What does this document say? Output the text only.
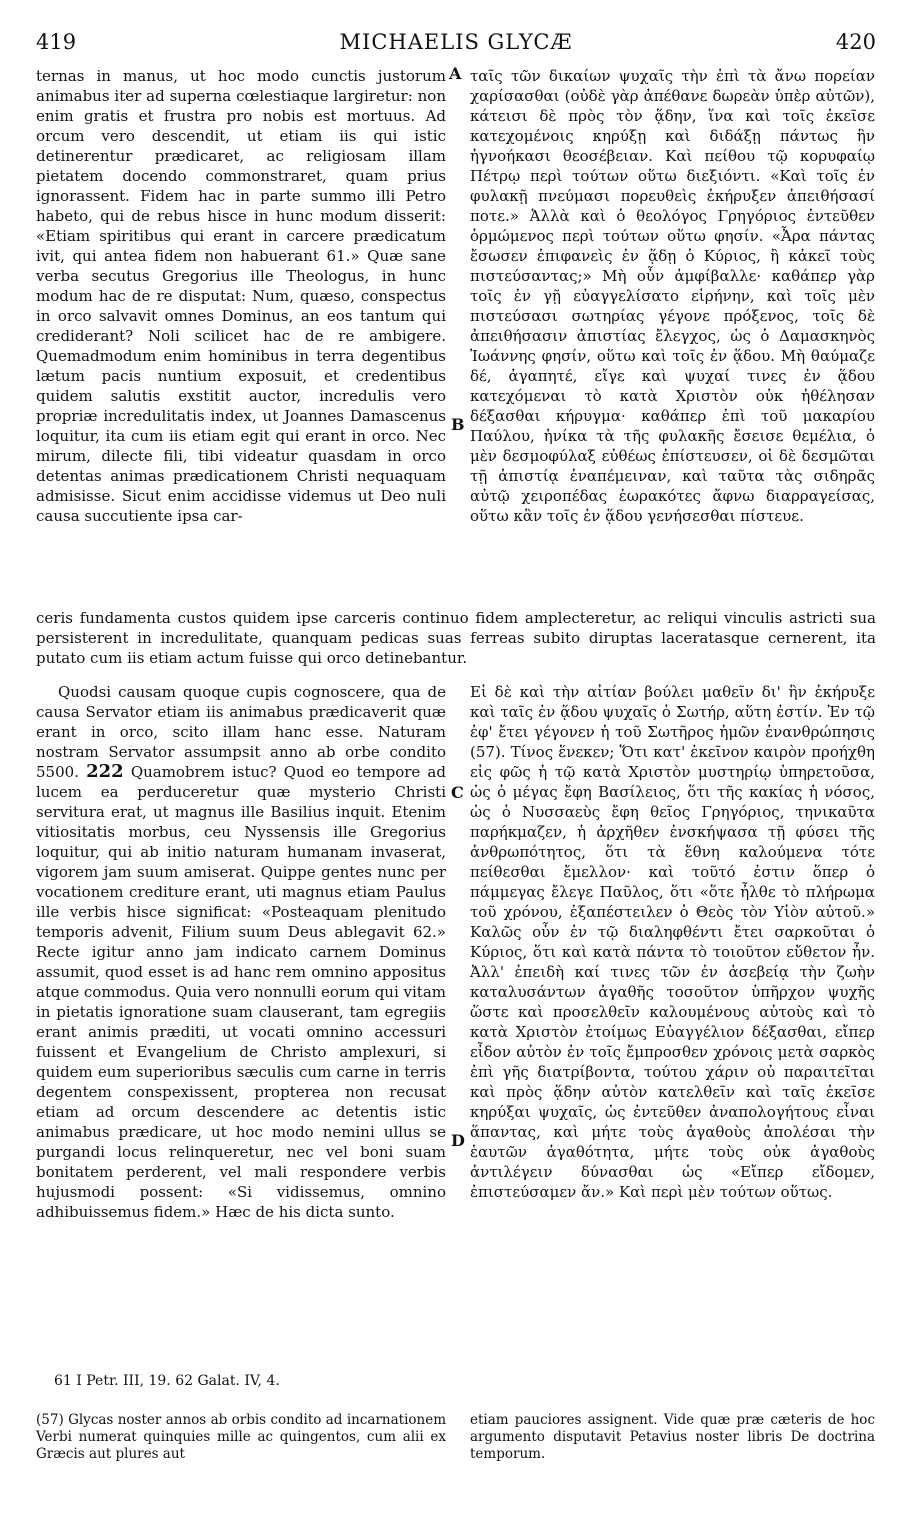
419	MICHAELIS GLYCÆ	420
A
B
C
D

ternas in manus, ut hoc modo cunctis justorum animabus iter ad superna cœlestiaque largiretur: non enim gratis et frustra pro nobis est mortuus. Ad orcum vero descendit, ut etiam iis qui istic detinerentur prædicaret, ac religiosam illam pietatem docendo commonstraret, quam prius ignorassent. Fidem hac in parte summo illi Petro habeto, qui de rebus hisce in hunc modum disserit: «Etiam spiritibus qui erant in carcere prædicatum ivit, qui antea fidem non habuerant 61.» Quæ sane verba secutus Gregorius ille Theologus, in hunc modum hac de re disputat: Num, quæso, conspectus in orco salvavit omnes Dominus, an eos tantum qui crediderant? Noli scilicet hac de re ambigere. Quemadmodum enim hominibus in terra degentibus lætum pacis nuntium exposuit, et credentibus quidem salutis exstitit auctor, incredulis vero propriæ incredulitatis index, ut Joannes Damascenus loquitur, ita cum iis etiam egit qui erant in orco. Nec mirum, dilecte fili, tibi videatur quasdam in orco detentas animas prædicationem Christi nequaquam admisisse. Sicut enim accidisse videmus ut Deo nuli causa succutiente ipsa car-

ταῖς τῶν δικαίων ψυχαῖς τὴν ἐπὶ τὰ ἄνω πορείαν χαρίσασθαι (οὐδὲ γὰρ ἀπέθανε δωρεὰν ὑπὲρ αὐτῶν), κάτεισι δὲ πρὸς τὸν ᾅδην, ἵνα καὶ τοῖς ἐκεῖσε κατεχομένοις κηρύξῃ καὶ διδάξῃ πάντως ἣν ἠγνοήκασι θεοσέβειαν. Καὶ πείθου τῷ κορυφαίῳ Πέτρῳ περὶ τούτων οὕτω διεξιόντι. «Καὶ τοῖς ἐν φυλακῇ πνεύμασι πορευθεὶς ἐκήρυξεν ἀπειθήσασί ποτε.» Ἀλλὰ καὶ ὁ θεολόγος Γρηγόριος ἐντεῦθεν ὁρμώμενος περὶ τούτων οὕτω φησίν. «Ἆρα πάντας ἔσωσεν ἐπιφανεὶς ἐν ᾅδῃ ὁ Κύριος, ἢ κἀκεῖ τοὺς πιστεύσαντας;» Μὴ οὖν ἀμφίβαλλε· καθάπερ γὰρ τοῖς ἐν γῇ εὐαγγελίσατο εἰρήνην, καὶ τοῖς μὲν πιστεύσασι σωτηρίας γέγονε πρόξενος, τοῖς δὲ ἀπειθήσασιν ἀπιστίας ἔλεγχος, ὡς ὁ Δαμασκηνὸς Ἰωάννης φησίν, οὕτω καὶ τοῖς ἐν ᾅδου. Μὴ θαύμαζε δέ, ἀγαπητέ, εἴγε καὶ ψυχαί τινες ἐν ᾅδου κατεχόμεναι τὸ κατὰ Χριστὸν οὐκ ἠθέλησαν δέξασθαι κήρυγμα· καθάπερ ἐπὶ τοῦ μακαρίου Παύλου, ἡνίκα τὰ τῆς φυλακῆς ἔσεισε θεμέλια, ὁ μὲν δεσμοφύλαξ εὐθέως ἐπίστευσεν, οἱ δὲ δεσμῶται τῇ ἀπιστίᾳ ἐναπέμειναν, καὶ ταῦτα τὰς σιδηρᾶς αὐτῷ χειροπέδας ἑωρακότες ἄφνω διαρραγείσας, οὕτω κἂν τοῖς ἐν ᾅδου γενήσεσθαι πίστευε.

ceris fundamenta custos quidem ipse carceris continuo fidem amplecteretur, ac reliqui vinculis astricti sua persisterent in incredulitate, quanquam pedicas suas ferreas subito diruptas laceratasque cernerent, ita putato cum iis etiam actum fuisse qui orco detinebantur.

Quodsi causam quoque cupis cognoscere, qua de causa Servator etiam iis animabus prædicaverit quæ erant in orco, scito illam hanc esse. Naturam nostram Servator assumpsit anno ab orbe condito 5500. 222 Quamobrem istuc? Quod eo tempore ad lucem ea perduceretur quæ mysterio Christi servitura erat, ut magnus ille Basilius inquit. Etenim vitiositatis morbus, ceu Nyssensis ille Gregorius loquitur, qui ab initio naturam humanam invaserat, vigorem jam suum amiserat. Quippe gentes nunc per vocationem crediture erant, uti magnus etiam Paulus ille verbis hisce significat: «Posteaquam plenitudo temporis advenit, Filium suum Deus ablegavit 62.» Recte igitur anno jam indicato carnem Dominus assumit, quod esset is ad hanc rem omnino appositus atque commodus. Quia vero nonnulli eorum qui vitam in pietatis ignoratione suam clauserant, tam egregiis erant animis præditi, ut vocati omnino accessuri fuissent et Evangelium de Christo amplexuri, si quidem eum superioribus sæculis cum carne in terris degentem conspexissent, propterea non recusat etiam ad orcum descendere ac detentis istic animabus prædicare, ut hoc modo nemini ullus se purgandi locus relinqueretur, nec vel boni suam bonitatem perderent, vel mali respondere verbis hujusmodi possent: «Si vidissemus, omnino adhibuissemus fidem.» Hæc de his dicta sunto.

Εἰ δὲ καὶ τὴν αἰτίαν βούλει μαθεῖν δι' ἣν ἐκήρυξε καὶ ταῖς ἐν ᾅδου ψυχαῖς ὁ Σωτήρ, αὕτη ἐστίν. Ἐν τῷ ἐφ' ἔτει γέγονεν ἡ τοῦ Σωτῆρος ἡμῶν ἐνανθρώπησις (57). Τίνος ἕνεκεν; Ὅτι κατ' ἐκεῖνον καιρὸν προήχθη εἰς φῶς ἡ τῷ κατὰ Χριστὸν μυστηρίῳ ὑπηρετοῦσα, ὡς ὁ μέγας ἔφη Βασίλειος, ὅτι τῆς κακίας ἡ νόσος, ὡς ὁ Νυσσαεὺς ἔφη θεῖος Γρηγόριος, τηνικαῦτα παρήκμαζεν, ἡ ἀρχῆθεν ἐνσκήψασα τῇ φύσει τῆς ἀνθρωπότητος, ὅτι τὰ ἔθνη καλούμενα τότε πείθεσθαι ἔμελλον· καὶ τοῦτό ἐστιν ὅπερ ὁ πάμμεγας ἔλεγε Παῦλος, ὅτι «ὅτε ἦλθε τὸ πλήρωμα τοῦ χρόνου, ἐξαπέστειλεν ὁ Θεὸς τὸν Υἱὸν αὐτοῦ.» Καλῶς οὖν ἐν τῷ διαληφθέντι ἔτει σαρκοῦται ὁ Κύριος, ὅτι καὶ κατὰ πάντα τὸ τοιοῦτον εὔθετον ἦν. Ἀλλ' ἐπειδὴ καί τινες τῶν ἐν ἀσεβείᾳ τὴν ζωὴν καταλυσάντων ἀγαθῆς τοσοῦτον ὑπῆρχον ψυχῆς ὥστε καὶ προσελθεῖν καλουμένους αὐτοὺς καὶ τὸ κατὰ Χριστὸν ἑτοίμως Εὐαγγέλιον δέξασθαι, εἴπερ εἶδον αὐτὸν ἐν τοῖς ἔμπροσθεν χρόνοις μετὰ σαρκὸς ἐπὶ γῆς διατρίβοντα, τούτου χάριν οὐ παραιτεῖται καὶ πρὸς ᾅδην αὐτὸν κατελθεῖν καὶ ταῖς ἐκεῖσε κηρύξαι ψυχαῖς, ὡς ἐντεῦθεν ἀναπολογήτους εἶναι ἅπαντας, καὶ μήτε τοὺς ἀγαθοὺς ἀπολέσαι τὴν ἑαυτῶν ἀγαθότητα, μήτε τοὺς οὐκ ἀγαθοὺς ἀντιλέγειν δύνασθαι ὡς «Εἴπερ εἴδομεν, ἐπιστεύσαμεν ἄν.» Καὶ περὶ μὲν τούτων οὕτως.

61 I Petr. III, 19. 62 Galat. IV, 4.
(57) Glycas noster annos ab orbis condito ad incarnationem Verbi numerat quinquies mille ac quingentos, cum alii ex Græcis aut plures aut
etiam pauciores assignent. Vide quæ præ cæteris de hoc argumento disputavit Petavius noster libris De doctrina temporum.
